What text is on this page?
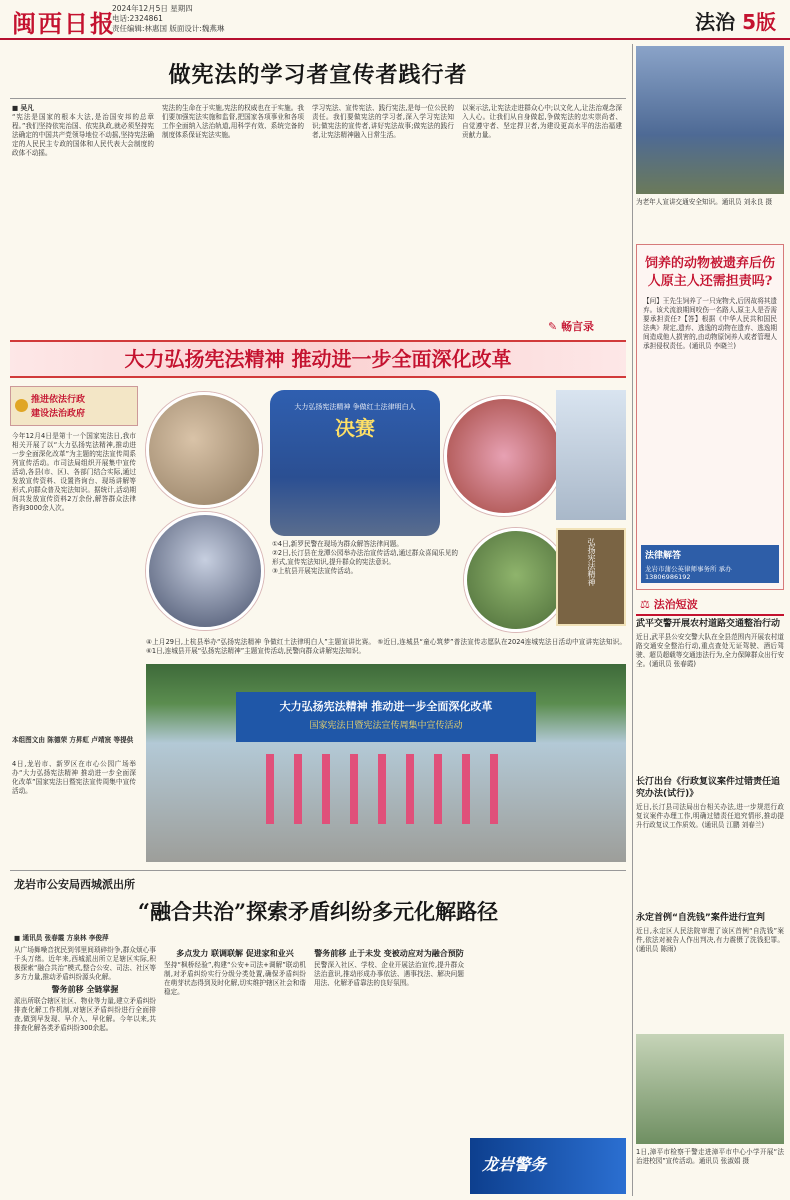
闽西日报
2024年12月5日 星期四
电话:2324861
责任编辑:林惠国 版面设计:魏燕琳	法治 5版
做宪法的学习者宣传者践行者
■ 吴凡

“宪法是国家的根本大法,是治国安邦的总章程。”我们坚持依宪治国、依宪执政,就必须坚持宪法确定的中国共产党领导地位不动摇,坚持宪法确定的人民民主专政的国体和人民代表大会制度的政体不动摇。

宪法的生命在于实施,宪法的权威也在于实施。我们要加强宪法实施和监督,把国家各项事业和各项工作全面纳入法治轨道,用科学有效、系统完备的制度体系保证宪法实施。

学习宪法、宣传宪法、践行宪法,是每一位公民的责任。我们要做宪法的学习者,深入学习宪法知识;做宪法的宣传者,讲好宪法故事;做宪法的践行者,让宪法精神融入日常生活。

以案示法,让宪法走进群众心中;以文化人,让法治观念深入人心。让我们从自身做起,争做宪法的忠实崇尚者、自觉遵守者、坚定捍卫者,为建设更高水平的法治福建贡献力量。

✎ 畅言录
大力弘扬宪法精神 推动进一步全面深化改革
推进依法行政
建设法治政府
今年12月4日是第十一个国家宪法日,我市相关开展了以“大力弘扬宪法精神,推动进一步全面深化改革”为主题的宪法宣传周系列宣传活动。市司法局组织开展集中宣传活动,各县(市、区)、各部门结合实际,通过发放宣传资料、设置咨询台、现场讲解等形式,向群众普及宪法知识。据统计,活动期间共发放宣传资料2万余份,解答群众法律咨询3000余人次。
本组图文由 陈德荣 方昇虹 卢靖宸 等提供
4日,龙岩市、新罗区在市心公园广场举办“大力弘扬宪法精神 推动进一步全面深化改革”国家宪法日暨宪法宣传周集中宣传活动。
大力弘扬宪法精神 争做红土法律明白人
决赛
①4日,新罗民警在现场为群众解答法律问题。
②2日,长汀县在龙潭公园举办法治宣传活动,通过群众喜闻乐见的形式,宣传宪法知识,提升群众的宪法意识。
③上杭县开展宪法宣传活动。	弘扬宪法精神
④上月29日,上杭县举办“弘扬宪法精神 争做红土法律明白人”主题宣讲比赛。 ⑤近日,连城县“童心筑梦”普法宣传志愿队在2024连城宪法日活动中宣讲宪法知识。 ⑥1日,连城县开展“弘扬宪法精神”主题宣传活动,民警向群众讲解宪法知识。
大力弘扬宪法精神 推动进一步全面深化改革
国家宪法日暨宪法宣传周集中宣传活动
龙岩市公安局西城派出所
“融合共治”探索矛盾纠纷多元化解路径
■ 通讯员 张春霞 方泉林 李俊萍

从广场舞噪音扰民到邻里间琐碎纷争,群众烦心事千头万绪。近年来,西城派出所立足辖区实际,积极探索“融合共治”模式,整合公安、司法、社区等多方力量,推动矛盾纠纷源头化解。

警务前移 全链掌握

派出所联合辖区社区、物业等力量,建立矛盾纠纷排查化解工作机制,对辖区矛盾纠纷进行全面排查,做到早发现、早介入、早化解。今年以来,共排查化解各类矛盾纠纷300余起。

多点发力 联调联解 促进家和业兴

坚持“枫桥经验”,构建“公安+司法+调解”联动机制,对矛盾纠纷实行分级分类处置,确保矛盾纠纷在萌芽状态得到及时化解,切实维护辖区社会和谐稳定。

警务前移 止于未发 变被动应对为融合预防

民警深入社区、学校、企业开展法治宣传,提升群众法治意识,推动形成办事依法、遇事找法、解决问题用法、化解矛盾靠法的良好氛围。

龙岩警务
为老年人宣讲交通安全知识。通讯员 刘永良 摄
饲养的动物被遗弃后伤人原主人还需担责吗?
【问】王先生饲养了一只宠物犬,后因故将其遗弃。该犬流浪期间咬伤一名路人,原主人是否需要承担责任?【答】根据《中华人民共和国民法典》规定,遗弃、逃逸的动物在遗弃、逃逸期间造成他人损害的,由动物原饲养人或者管理人承担侵权责任。(通讯员 李晓兰)
法律解答
龙岩市蒲公英律师事务所 承办 13806986192
⚖ 法治短波
武平交警开展农村道路交通整治行动
近日,武平县公安交警大队在全县范围内开展农村道路交通安全整治行动,重点查处无证驾驶、酒后驾驶、超员超载等交通违法行为,全力保障群众出行安全。(通讯员 张春霞)
长汀出台《行政复议案件过错责任追究办法(试行)》
近日,长汀县司法局出台相关办法,进一步规范行政复议案件办理工作,明确过错责任追究情形,推动提升行政复议工作质效。(通讯员 江鹏 刘春兰)
永定首例“自洗钱”案件进行宣判
近日,永定区人民法院审理了该区首例“自洗钱”案件,依法对被告人作出判决,有力震慑了洗钱犯罪。(通讯员 陈雨)
1日,漳平市检察干警走进漳平市中心小学开展“法治进校园”宣传活动。通讯员 张淑娟 摄
